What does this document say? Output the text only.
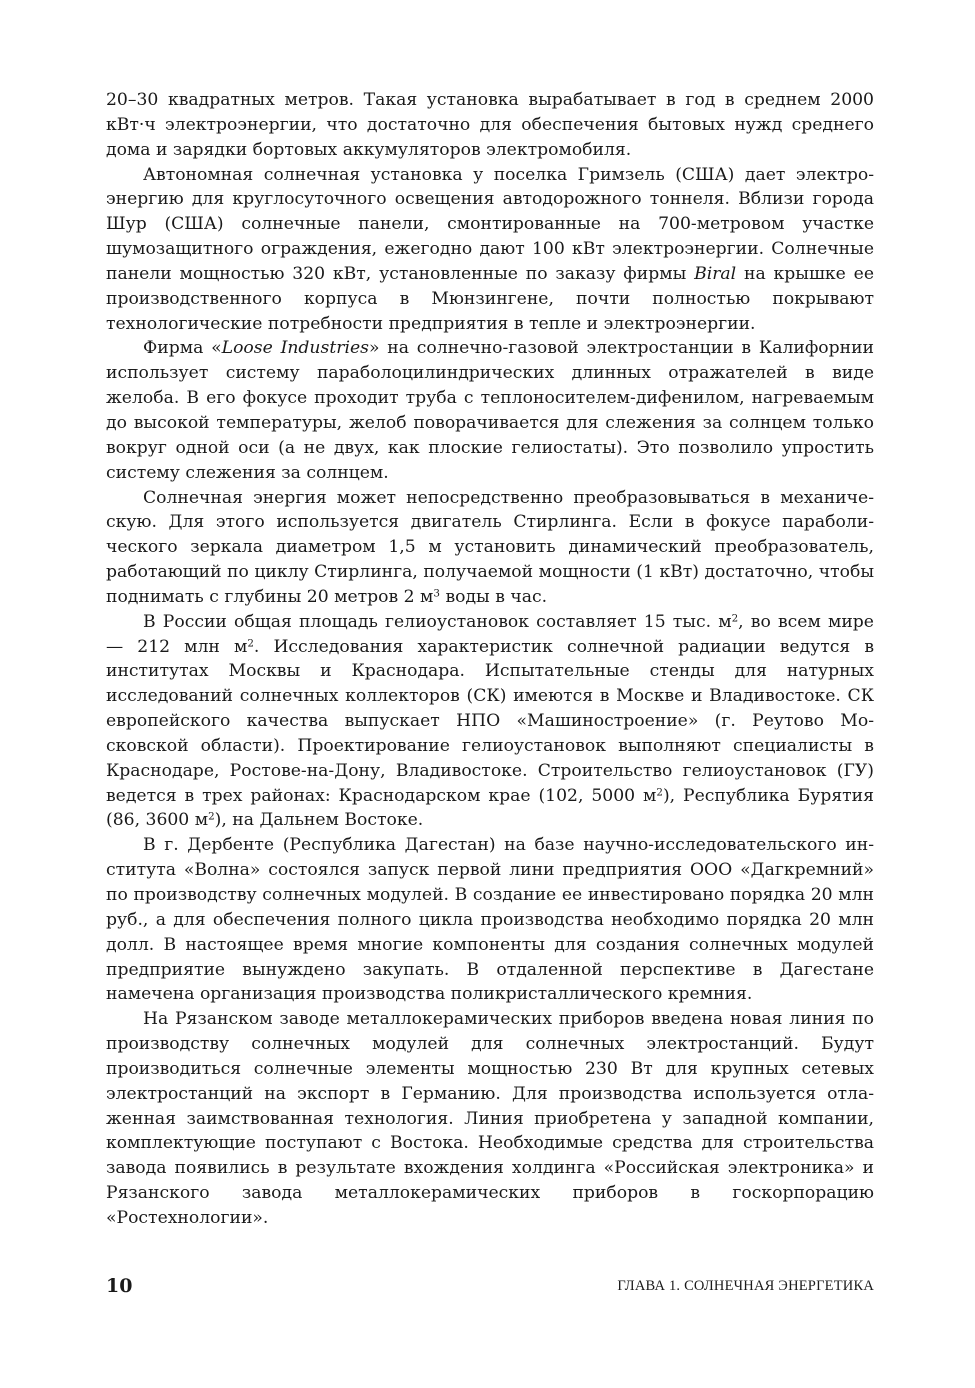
20–30 квадратных метров. Такая установка вырабатывает в год в среднем 2000 кВт·ч электроэнергии, что достаточно для обеспечения бытовых нужд среднего дома и зарядки бортовых аккумуляторов электромобиля.

Автономная солнечная установка у поселка Гримзель (США) дает электроэнергию для круглосуточного освещения автодорожного тоннеля. Вблизи города Шур (США) солнечные панели, смонтированные на 700-метровом участке шумозащитного ограждения, ежегодно дают 100 кВт электроэнергии. Солнечные панели мощностью 320 кВт, установленные по заказу фирмы Biral на крышке ее производственного корпуса в Мюнзингене, почти полностью покрывают технологические потребности предприятия в тепле и электроэнергии.

Фирма «Loose Industries» на солнечно-газовой электростанции в Калифорнии использует систему параболоцилиндрических длинных отражателей в виде желоба. В его фокусе проходит труба с теплоносителем-дифенилом, нагреваемым до высокой температуры, желоб поворачивается для слежения за солнцем только вокруг одной оси (а не двух, как плоские гелиостаты). Это позволило упростить систему слежения за солнцем.

Солнечная энергия может непосредственно преобразовываться в механическую. Для этого используется двигатель Стирлинга. Если в фокусе параболического зеркала диаметром 1,5 м установить динамический преобразователь, работающий по циклу Стирлинга, получаемой мощности (1 кВт) достаточно, чтобы поднимать с глубины 20 метров 2 $м^3$ воды в час.

В России общая площадь гелиоустановок составляет 15 тыс. $м^2$, во всем мире — 212 млн $м^2$. Исследования характеристик солнечной радиации ведутся в институтах Москвы и Краснодара. Испытательные стенды для натурных исследований солнечных коллекторов (СК) имеются в Москве и Владивостоке. СК европейского качества выпускает НПО «Машиностроение» (г. Реутово Московской области). Проектирование гелиоустановок выполняют специалисты в Краснодаре, Ростове-на-Дону, Владивостоке. Строительство гелиоустановок (ГУ) ведется в трех районах: Краснодарском крае (102, 5000 $м^2$), Республика Бурятия (86, 3600 $м^2$), на Дальнем Востоке.

В г. Дербенте (Республика Дагестан) на базе научно-исследовательского института «Волна» состоялся запуск первой лини предприятия ООО «Дагкремний» по производству солнечных модулей. В создание ее инвестировано порядка 20 млн руб., а для обеспечения полного цикла производства необходимо порядка 20 млн долл. В настоящее время многие компоненты для создания солнечных модулей предприятие вынуждено закупать. В отдаленной перспективе в Дагестане намечена организация производства поликристаллического кремния.

На Рязанском заводе металлокерамических приборов введена новая линия по производству солнечных модулей для солнечных электростанций. Будут производиться солнечные элементы мощностью 230 Вт для крупных сетевых электростанций на экспорт в Германию. Для производства используется отлаженная заимствованная технология. Линия приобретена у западной компании, комплектующие поступают с Востока. Необходимые средства для строительства завода появились в результате вхождения холдинга «Российская электроника» и Рязанского завода металлокерамических приборов в госкорпорацию «Ростехнологии».

10	ГЛАВА 1. СОЛНЕЧНАЯ ЭНЕРГЕТИКА
